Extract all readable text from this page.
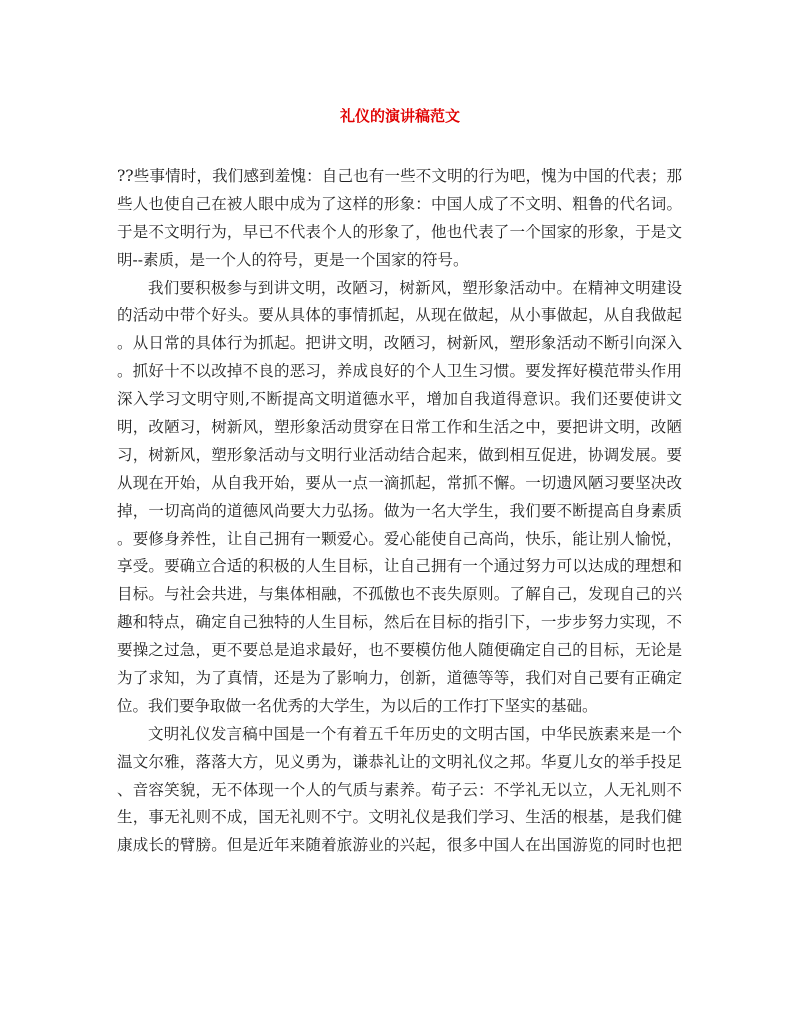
礼仪的演讲稿范文
??些事情时，我们感到羞愧：自己也有一些不文明的行为吧，愧为中国的代表；那
些人也使自己在被人眼中成为了这样的形象：中国人成了不文明、粗鲁的代名词。
于是不文明行为，早已不代表个人的形象了，他也代表了一个国家的形象，于是文
明--素质，是一个人的符号，更是一个国家的符号。
我们要积极参与到讲文明，改陋习，树新风，塑形象活动中。在精神文明建设
的活动中带个好头。要从具体的事情抓起，从现在做起，从小事做起，从自我做起
。从日常的具体行为抓起。把讲文明，改陋习，树新风，塑形象活动不断引向深入
。抓好十不以改掉不良的恶习，养成良好的个人卫生习惯。要发挥好模范带头作用
深入学习文明守则,不断提高文明道德水平，增加自我道得意识。我们还要使讲文
明，改陋习，树新风，塑形象活动贯穿在日常工作和生活之中，要把讲文明，改陋
习，树新风，塑形象活动与文明行业活动结合起来，做到相互促进，协调发展。要
从现在开始，从自我开始，要从一点一滴抓起，常抓不懈。一切遗风陋习要坚决改
掉，一切高尚的道德风尚要大力弘扬。做为一名大学生，我们要不断提高自身素质
。要修身养性，让自己拥有一颗爱心。爱心能使自己高尚，快乐，能让别人愉悦，
享受。要确立合适的积极的人生目标，让自己拥有一个通过努力可以达成的理想和
目标。与社会共进，与集体相融，不孤傲也不丧失原则。了解自己，发现自己的兴
趣和特点，确定自己独特的人生目标，然后在目标的指引下，一步步努力实现，不
要操之过急，更不要总是追求最好，也不要模仿他人随便确定自己的目标，无论是
为了求知，为了真情，还是为了影响力，创新，道德等等，我们对自己要有正确定
位。我们要争取做一名优秀的大学生，为以后的工作打下坚实的基础。
文明礼仪发言稿中国是一个有着五千年历史的文明古国，中华民族素来是一个
温文尔雅，落落大方，见义勇为，谦恭礼让的文明礼仪之邦。华夏儿女的举手投足
、音容笑貌，无不体现一个人的气质与素养。荀子云：不学礼无以立，人无礼则不
生，事无礼则不成，国无礼则不宁。文明礼仪是我们学习、生活的根基，是我们健
康成长的臂膀。但是近年来随着旅游业的兴起，很多中国人在出国游览的同时也把
